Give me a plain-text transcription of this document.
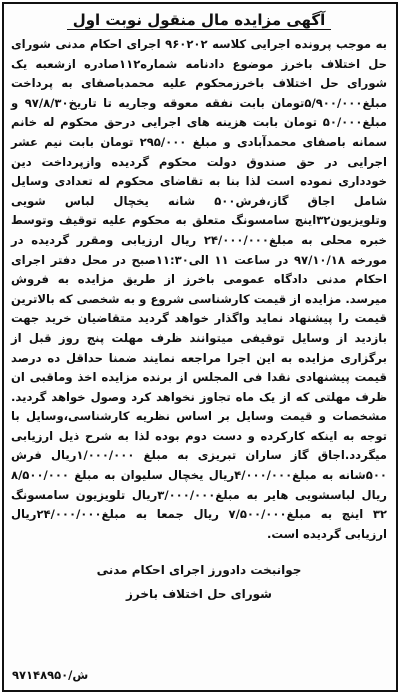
آگهی مزایده مال منقول نوبت اول

به موجب پرونده اجرایی کلاسه ۹۶۰۲۰۲ اجرای احکام مدنی شورای حل اختلاف باخرز موضوع دادنامه شماره۱۱۲صادره ازشعبه یک شورای حل اختلاف باخرزمحکوم علیه محمدباصفای به پرداخت مبلغ۵/۹۰۰/۰۰۰تومان بابت نفقه معوقه وجاریه تا تاریخ۹۷/۸/۳۰ و مبلغ۵۰/۰۰۰ تومان بابت هزینه های اجرایی درحق محکوم له خانم سمانه باصفای محمدآبادی و مبلغ ۲۹۵/۰۰۰ تومان بابت نیم عشر اجرایی در حق صندوق دولت محکوم گردیده وازپرداخت دین خودداری نموده است لذا بنا به تقاضای محکوم له تعدادی وسایل شامل اجاق گاز،فرش۵۰۰ شانه یخچال لباس شویی وتلویزیون۳۲اینچ سامسونگ متعلق به محکوم علیه توقیف وتوسط خبره محلی به مبلغ۲۴/۰۰۰/۰۰۰ ریال ارزیابی ومقرر گردیده در مورخه ۹۷/۱۰/۱۸ در ساعت ۱۱ الی۱۱:۳۰صبح در محل دفتر اجرای احکام مدنی دادگاه عمومی باخرز از طریق مزایده به فروش میرسد. مزایده از قیمت کارشناسی شروع و به شخصی که بالاترین قیمت را پیشنهاد نماید واگذار خواهد گردید متقاضیان خرید جهت بازدید از وسایل توقیفی میتوانند ظرف مهلت پنج روز قبل از برگزاری مزایده به این اجرا مراجعه نمایند ضمنا حداقل ده درصد قیمت پیشنهادی نقدا فی المجلس از برنده مزایده اخذ وماقبی ان ظرف مهلتی که از یک ماه تجاوز نخواهد کرد وصول خواهد گردید. مشخصات و قیمت وسایل بر اساس نظریه کارشناسی،وسایل با توجه به اینکه کارکرده و دست دوم بوده لذا به شرح ذیل ارزیابی میگردد.اجاق گاز ساران تبریزی به مبلغ ۱/۰۰۰/۰۰۰ریال فرش ۵۰۰شانه به مبلغ۴/۰۰۰/۰۰۰ریال یخچال سلیوان به مبلغ ۸/۵۰۰/۰۰۰ ریال لباسشویی هایر به مبلغ۳/۰۰۰/۰۰۰ریال تلویزیون سامسونگ ۳۲ اینچ به مبلغ۷/۵۰۰/۰۰۰ ریال جمعا به مبلغ۲۴/۰۰۰/۰۰۰ریال ارزیابی گردیده است.

جوانبخت دادورز اجرای احکام مدنی
شورای حل اختلاف باخرز
۹۷۱۴۸۹۵۰/ش
